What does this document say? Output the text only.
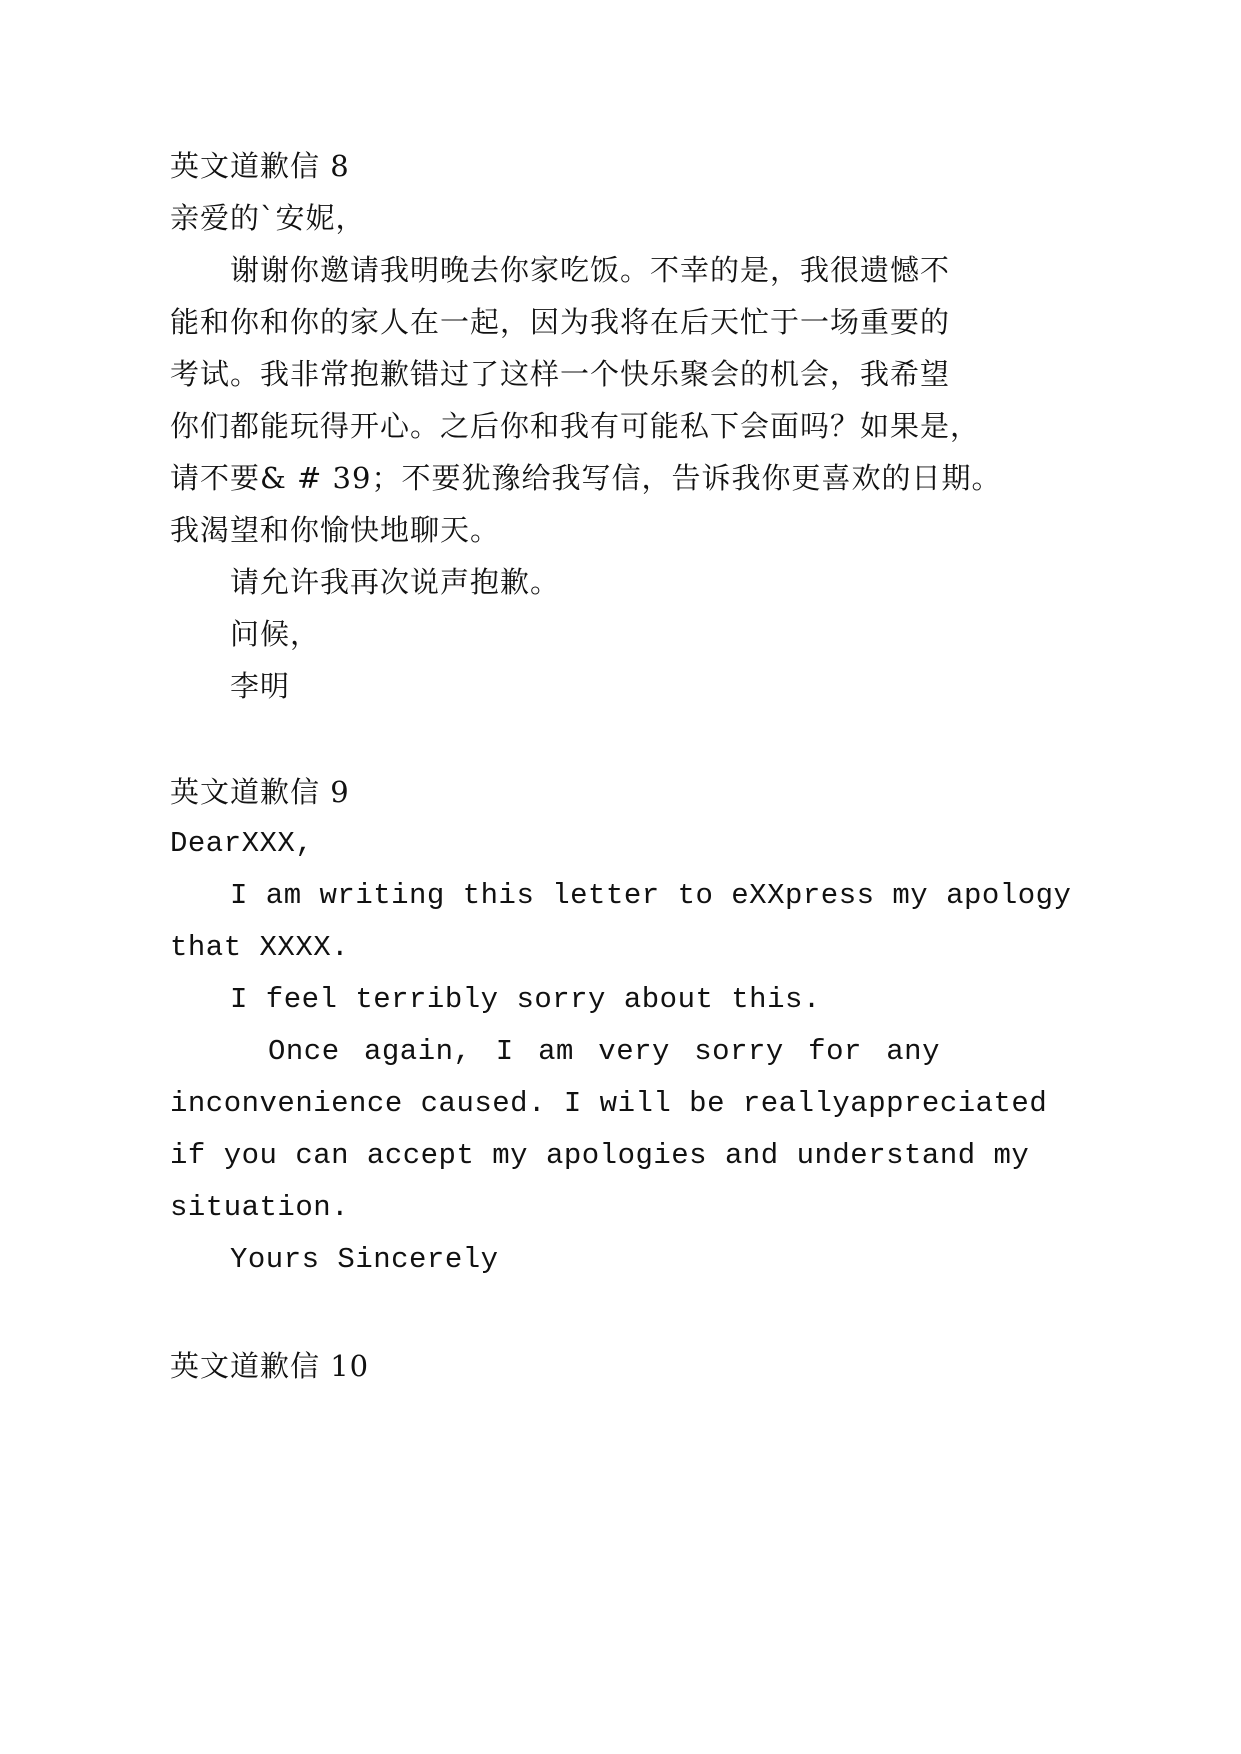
英文道歉信 8

亲爱的`安妮，

谢谢你邀请我明晚去你家吃饭。不幸的是，我很遗憾不

能和你和你的家人在一起，因为我将在后天忙于一场重要的

考试。我非常抱歉错过了这样一个快乐聚会的机会，我希望

你们都能玩得开心。之后你和我有可能私下会面吗？如果是，

请不要& # 39；不要犹豫给我写信，告诉我你更喜欢的日期。

我渴望和你愉快地聊天。

请允许我再次说声抱歉。

问候，

李明

英文道歉信 9

DearXXX,

I am writing this letter to eXXpress my apology

that XXXX.

I feel terribly sorry about this.

Once again, I am very sorry for any

inconvenience caused. I will be reallyappreciated

if you can accept my apologies and understand my

situation.

Yours Sincerely

英文道歉信 10
